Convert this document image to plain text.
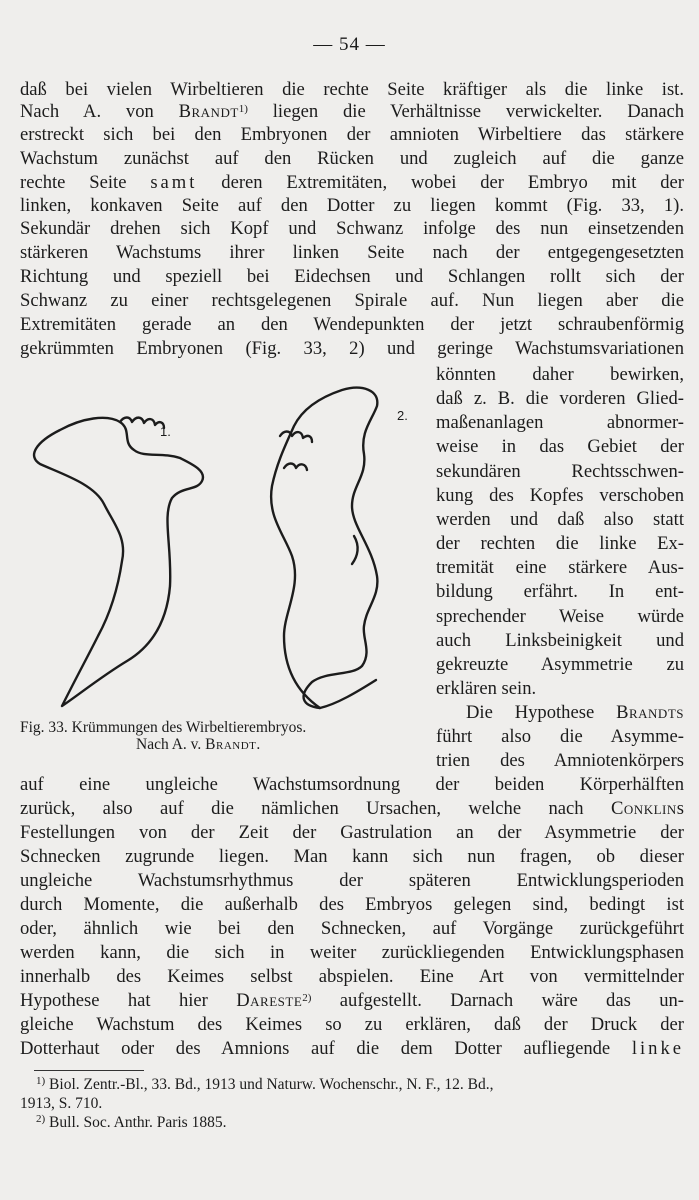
— 54 —
daß bei vielen Wirbeltieren die rechte Seite kräftiger als die linke ist.
Nach A. von Brandt$^{1)}$ liegen die Verhältnisse verwickelter. Danach
erstreckt sich bei den Embryonen der amnioten Wirbeltiere das stärkere
Wachstum zunächst auf den Rücken und zugleich auf die ganze
rechte Seite samt deren Extremitäten, wobei der Embryo mit der
linken, konkaven Seite auf den Dotter zu liegen kommt (Fig. 33, 1).
Sekundär drehen sich Kopf und Schwanz infolge des nun einsetzenden
stärkeren Wachstums ihrer linken Seite nach der entgegengesetzten
Richtung und speziell bei Eidechsen und Schlangen rollt sich der
Schwanz zu einer rechtsgelegenen Spirale auf. Nun liegen aber die
Extremitäten gerade an den Wendepunkten der jetzt schraubenförmig
gekrümmten Embryonen (Fig. 33, 2) und geringe Wachstumsvariationen
könnten daher bewirken,
daß z. B. die vorderen Glied-
maßenanlagen abnormer-
weise in das Gebiet der
sekundären Rechtsschwen-
kung des Kopfes verschoben
werden und daß also statt
der rechten die linke Ex-
tremität eine stärkere Aus-
bildung erfährt. In ent-
sprechender Weise würde
auch Linksbeinigkeit und
gekreuzte Asymmetrie zu
erklären sein.
Die Hypothese Brandts
führt also die Asymme-
trien des Amniotenkörpers
auf eine ungleiche Wachstumsordnung der beiden Körperhälften
zurück, also auf die nämlichen Ursachen, welche nach Conklins
Festellungen von der Zeit der Gastrulation an der Asymmetrie der
Schnecken zugrunde liegen. Man kann sich nun fragen, ob dieser
ungleiche Wachstumsrhythmus der späteren Entwicklungsperioden
durch Momente, die außerhalb des Embryos gelegen sind, bedingt ist
oder, ähnlich wie bei den Schnecken, auf Vorgänge zurückgeführt
werden kann, die sich in weiter zurückliegenden Entwicklungsphasen
innerhalb des Keimes selbst abspielen. Eine Art von vermittelnder
Hypothese hat hier Dareste$^{2)}$ aufgestellt. Darnach wäre das un-
gleiche Wachstum des Keimes so zu erklären, daß der Druck der
Dotterhaut oder des Amnions auf die dem Dotter aufliegende linke
1.
2.
Fig. 33. Krümmungen des Wirbeltierembryos.
Nach A. v. Brandt.
$^{1)}$ Biol. Zentr.-Bl., 33. Bd., 1913 und Naturw. Wochenschr., N. F., 12. Bd.,
1913, S. 710.
$^{2)}$ Bull. Soc. Anthr. Paris 1885.
